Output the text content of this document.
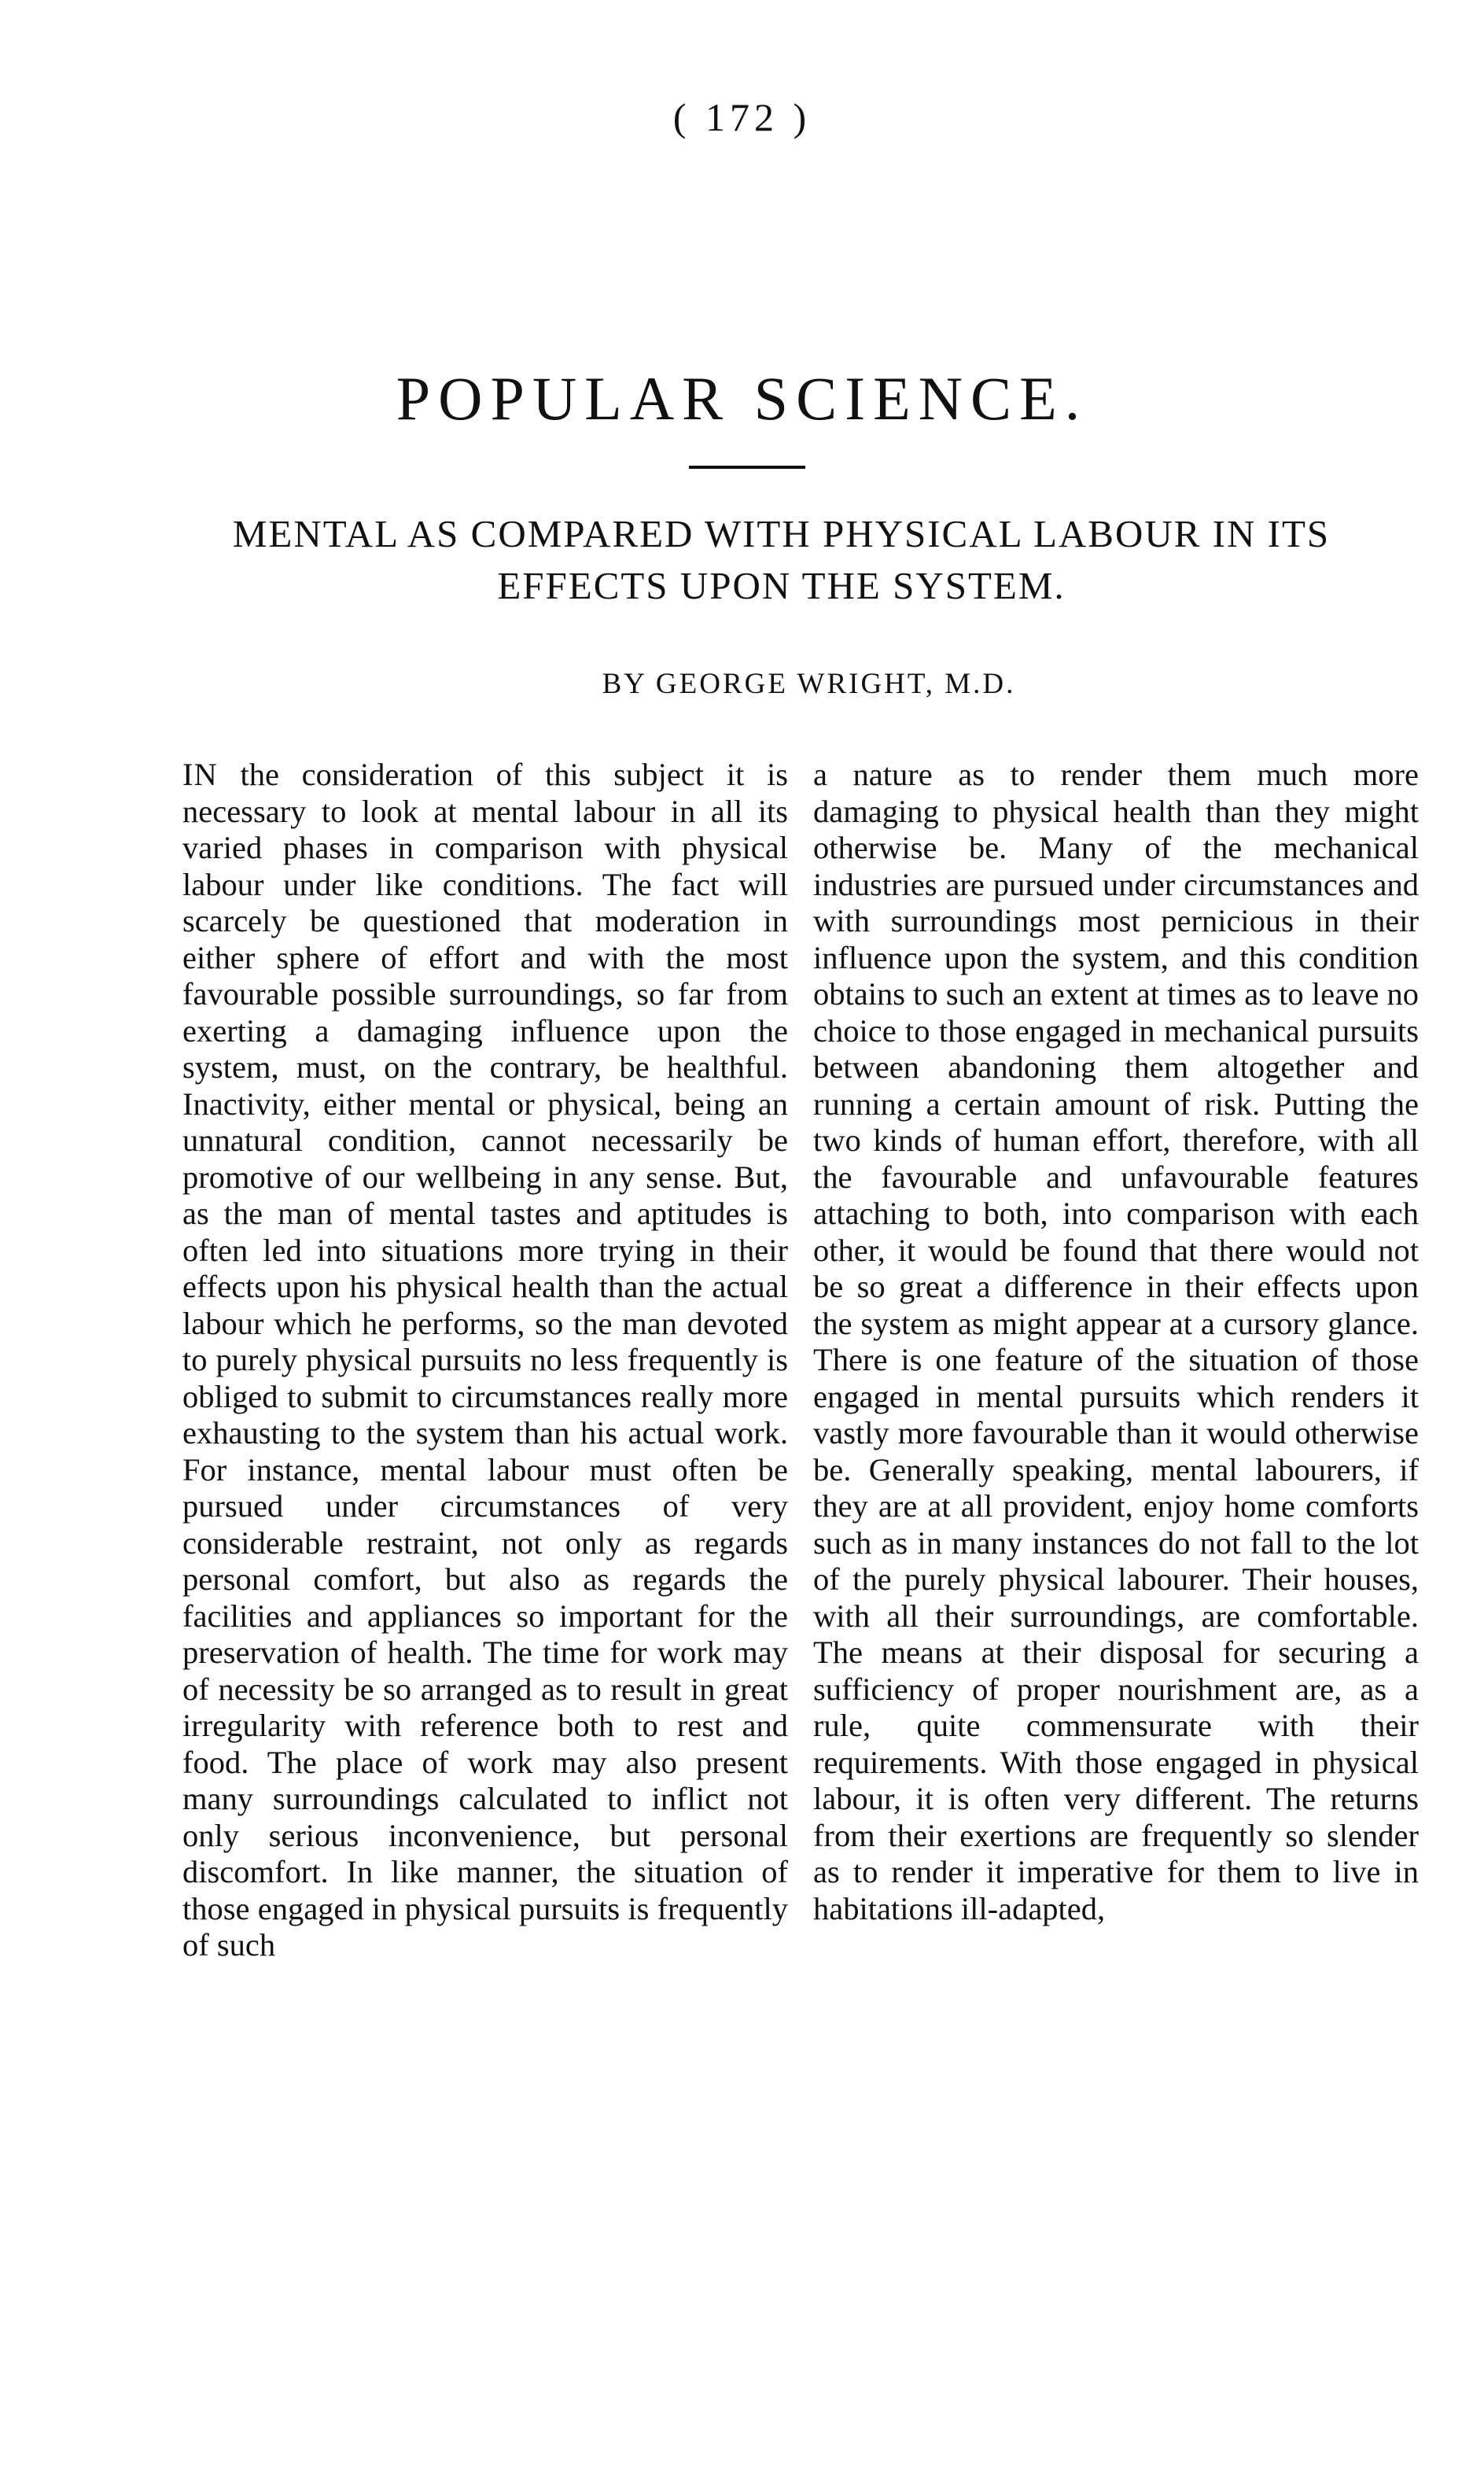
( 172 )
POPULAR SCIENCE.
MENTAL AS COMPARED WITH PHYSICAL LABOUR IN ITS EFFECTS UPON THE SYSTEM.
BY GEORGE WRIGHT, M.D.

IN the consideration of this subject it is necessary to look at mental labour in all its varied phases in comparison with physical labour under like conditions. The fact will scarcely be questioned that moderation in either sphere of effort and with the most favourable possible surroundings, so far from exerting a damaging influence upon the system, must, on the contrary, be healthful. Inactivity, either mental or physical, being an unnatural condition, cannot necessarily be promotive of our wellbeing in any sense. But, as the man of mental tastes and aptitudes is often led into situations more trying in their effects upon his physical health than the actual labour which he performs, so the man devoted to purely physical pursuits no less frequently is obliged to submit to circumstances really more exhausting to the system than his actual work. For instance, mental labour must often be pursued under circumstances of very considerable restraint, not only as regards personal comfort, but also as regards the facilities and appliances so important for the preservation of health. The time for work may of necessity be so arranged as to result in great irregularity with reference both to rest and food. The place of work may also present many surroundings calculated to inflict not only serious inconvenience, but personal discomfort. In like manner, the situation of those engaged in physical pursuits is frequently of such

a nature as to render them much more damaging to physical health than they might otherwise be. Many of the mechanical industries are pursued under circumstances and with surroundings most pernicious in their influence upon the system, and this condition obtains to such an extent at times as to leave no choice to those engaged in mechanical pursuits between abandoning them altogether and running a certain amount of risk. Putting the two kinds of human effort, therefore, with all the favourable and unfavourable features attaching to both, into comparison with each other, it would be found that there would not be so great a difference in their effects upon the system as might appear at a cursory glance. There is one feature of the situation of those engaged in mental pursuits which renders it vastly more favourable than it would otherwise be. Generally speaking, mental labourers, if they are at all provident, enjoy home comforts such as in many instances do not fall to the lot of the purely physical labourer. Their houses, with all their surroundings, are comfortable. The means at their disposal for securing a sufficiency of proper nourishment are, as a rule, quite commensurate with their requirements. With those engaged in physical labour, it is often very different. The returns from their exertions are frequently so slender as to render it imperative for them to live in habitations ill-adapted,
